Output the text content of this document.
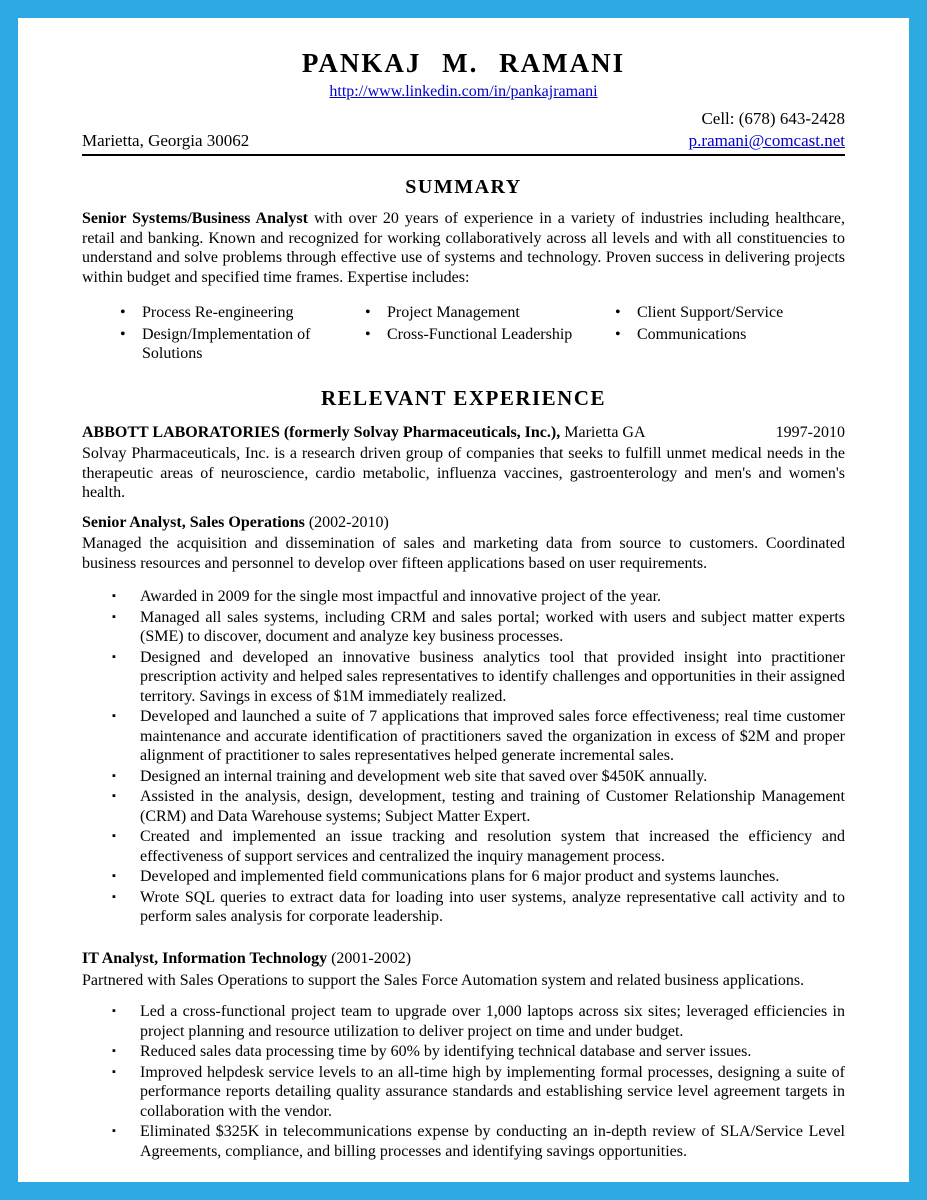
PANKAJ M. RAMANI
http://www.linkedin.com/in/pankajramani
Cell: (678) 643-2428
Marietta, Georgia 30062	p.ramani@comcast.net
SUMMARY

Senior Systems/Business Analyst with over 20 years of experience in a variety of industries including healthcare, retail and banking. Known and recognized for working collaboratively across all levels and with all constituencies to understand and solve problems through effective use of systems and technology. Proven success in delivering projects within budget and specified time frames. Expertise includes:

•	Process Re-engineering	•	Project Management	•	Client Support/Service
•	Design/Implementation of Solutions
•	Cross-Functional Leadership	•	Communications
RELEVANT EXPERIENCE
ABBOTT LABORATORIES (formerly Solvay Pharmaceuticals, Inc.), Marietta GA	1997-2010

Solvay Pharmaceuticals, Inc. is a research driven group of companies that seeks to fulfill unmet medical needs in the therapeutic areas of neuroscience, cardio metabolic, influenza vaccines, gastroenterology and men's and women's health.

Senior Analyst, Sales Operations (2002-2010)

Managed the acquisition and dissemination of sales and marketing data from source to customers. Coordinated business resources and personnel to develop over fifteen applications based on user requirements.

▪	Awarded in 2009 for the single most impactful and innovative project of the year.
▪	Managed all sales systems, including CRM and sales portal; worked with users and subject matter experts (SME) to discover, document and analyze key business processes.
▪	Designed and developed an innovative business analytics tool that provided insight into practitioner prescription activity and helped sales representatives to identify challenges and opportunities in their assigned territory. Savings in excess of $1M immediately realized.
▪	Developed and launched a suite of 7 applications that improved sales force effectiveness; real time customer maintenance and accurate identification of practitioners saved the organization in excess of $2M and proper alignment of practitioner to sales representatives helped generate incremental sales.
▪	Designed an internal training and development web site that saved over $450K annually.
▪	Assisted in the analysis, design, development, testing and training of Customer Relationship Management (CRM) and Data Warehouse systems; Subject Matter Expert.
▪	Created and implemented an issue tracking and resolution system that increased the efficiency and effectiveness of support services and centralized the inquiry management process.
▪	Developed and implemented field communications plans for 6 major product and systems launches.
▪	Wrote SQL queries to extract data for loading into user systems, analyze representative call activity and to perform sales analysis for corporate leadership.
IT Analyst, Information Technology (2001-2002)

Partnered with Sales Operations to support the Sales Force Automation system and related business applications.

▪	Led a cross-functional project team to upgrade over 1,000 laptops across six sites; leveraged efficiencies in project planning and resource utilization to deliver project on time and under budget.
▪	Reduced sales data processing time by 60% by identifying technical database and server issues.
▪	Improved helpdesk service levels to an all-time high by implementing formal processes, designing a suite of performance reports detailing quality assurance standards and establishing service level agreement targets in collaboration with the vendor.
▪	Eliminated $325K in telecommunications expense by conducting an in-depth review of SLA/Service Level Agreements, compliance, and billing processes and identifying savings opportunities.
